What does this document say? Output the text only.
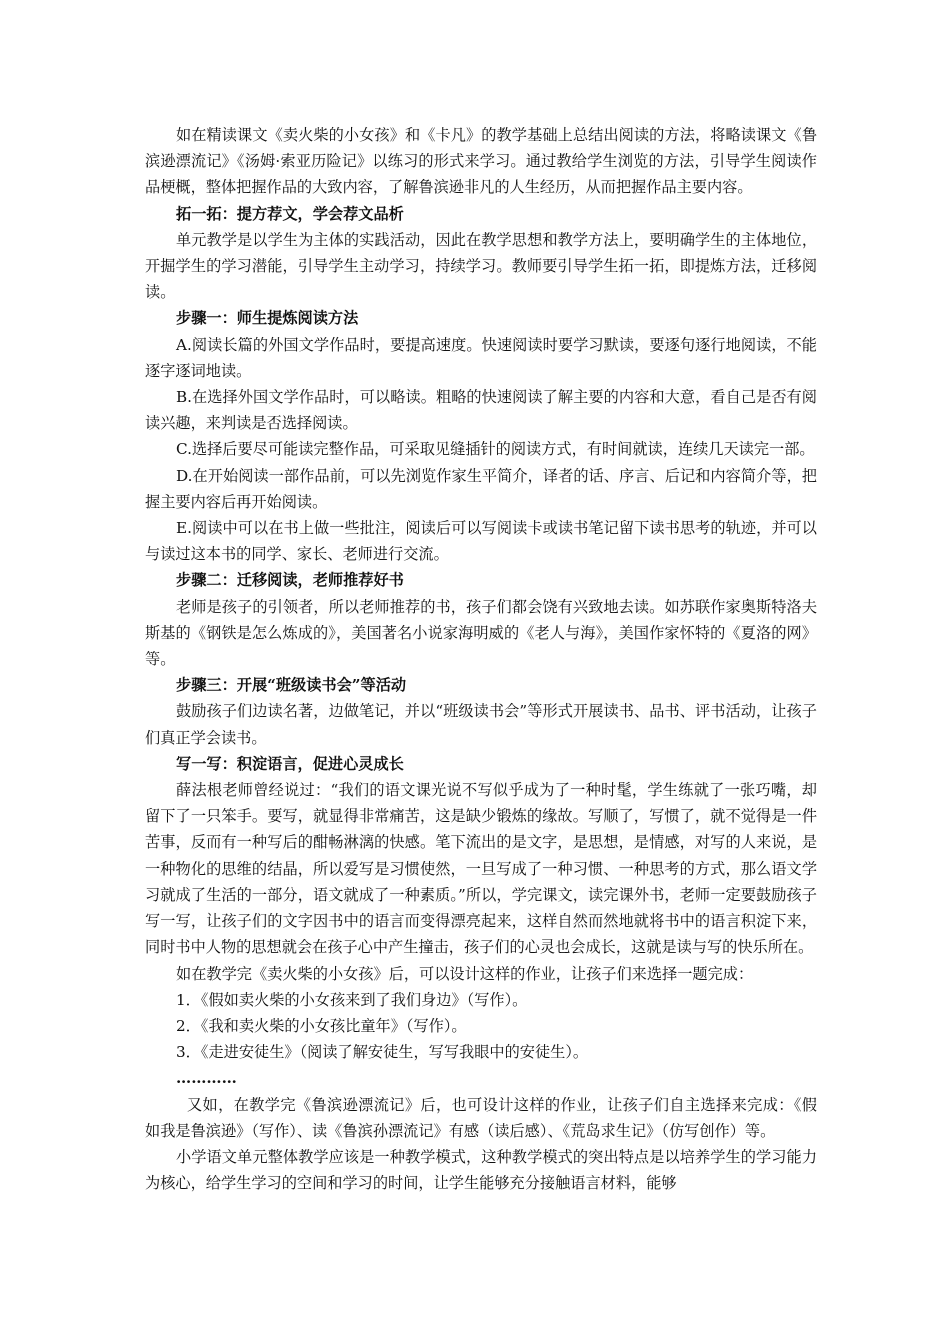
如在精读课文《卖火柴的小女孩》和《卡凡》的教学基础上总结出阅读的方法，将略读课文《鲁滨逊漂流记》《汤姆·索亚历险记》以练习的形式来学习。通过教给学生浏览的方法，引导学生阅读作品梗概，整体把握作品的大致内容，了解鲁滨逊非凡的人生经历，从而把握作品主要内容。

拓一拓：提方荐文，学会荐文品析

单元教学是以学生为主体的实践活动，因此在教学思想和教学方法上，要明确学生的主体地位，开掘学生的学习潜能，引导学生主动学习，持续学习。教师要引导学生拓一拓，即提炼方法，迁移阅读。

步骤一：师生提炼阅读方法

A.阅读长篇的外国文学作品时，要提高速度。快速阅读时要学习默读，要逐句逐行地阅读，不能逐字逐词地读。

B.在选择外国文学作品时，可以略读。粗略的快速阅读了解主要的内容和大意，看自己是否有阅读兴趣，来判读是否选择阅读。

C.选择后要尽可能读完整作品，可采取见缝插针的阅读方式，有时间就读，连续几天读完一部。

D.在开始阅读一部作品前，可以先浏览作家生平简介，译者的话、序言、后记和内容简介等，把握主要内容后再开始阅读。

E.阅读中可以在书上做一些批注，阅读后可以写阅读卡或读书笔记留下读书思考的轨迹，并可以与读过这本书的同学、家长、老师进行交流。

步骤二：迁移阅读，老师推荐好书

老师是孩子的引领者，所以老师推荐的书，孩子们都会饶有兴致地去读。如苏联作家奥斯特洛夫斯基的《钢铁是怎么炼成的》，美国著名小说家海明威的《老人与海》，美国作家怀特的《夏洛的网》等。

步骤三：开展“班级读书会”等活动

鼓励孩子们边读名著，边做笔记，并以“班级读书会”等形式开展读书、品书、评书活动，让孩子们真正学会读书。

写一写：积淀语言，促进心灵成长

薛法根老师曾经说过：“我们的语文课光说不写似乎成为了一种时髦，学生练就了一张巧嘴，却留下了一只笨手。要写，就显得非常痛苦，这是缺少锻炼的缘故。写顺了，写惯了，就不觉得是一件苦事，反而有一种写后的酣畅淋漓的快感。笔下流出的是文字，是思想，是情感，对写的人来说，是一种物化的思维的结晶，所以爱写是习惯使然，一旦写成了一种习惯、一种思考的方式，那么语文学习就成了生活的一部分，语文就成了一种素质。”所以，学完课文，读完课外书，老师一定要鼓励孩子写一写，让孩子们的文字因书中的语言而变得漂亮起来，这样自然而然地就将书中的语言积淀下来，同时书中人物的思想就会在孩子心中产生撞击，孩子们的心灵也会成长，这就是读与写的快乐所在。

如在教学完《卖火柴的小女孩》后，可以设计这样的作业，让孩子们来选择一题完成：

1．《假如卖火柴的小女孩来到了我们身边》（写作）。

2．《我和卖火柴的小女孩比童年》（写作）。

3．《走进安徒生》（阅读了解安徒生，写写我眼中的安徒生）。

…………

又如，在教学完《鲁滨逊漂流记》后，也可设计这样的作业，让孩子们自主选择来完成：《假如我是鲁滨逊》（写作）、读《鲁滨孙漂流记》有感（读后感）、《荒岛求生记》（仿写创作）等。

小学语文单元整体教学应该是一种教学模式，这种教学模式的突出特点是以培养学生的学习能力为核心，给学生学习的空间和学习的时间，让学生能够充分接触语言材料，能够
